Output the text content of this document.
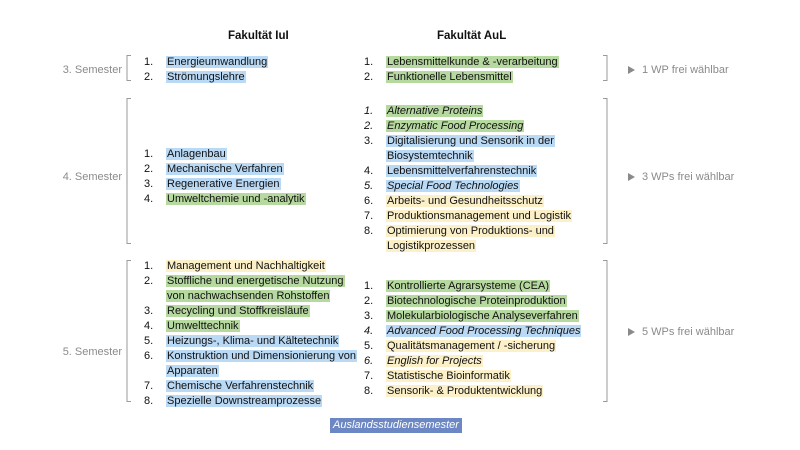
Fakultät IuI	Fakultät AuL
3. Semester
1.	Energieumwandlung
2.	Strömungslehre
1.	Lebensmittelkunde & -verarbeitung
2.	Funktionelle Lebensmittel
1 WP frei wählbar
4. Semester
1.	Anlagenbau
2.	Mechanische Verfahren
3.	Regenerative Energien
4.	Umweltchemie und -analytik
1.	Alternative Proteins
2.	Enzymatic Food Processing
3.	Digitalisierung und Sensorik in der Biosystemtechnik
4.	Lebensmittelverfahrenstechnik
5.	Special Food Technologies
6.	Arbeits- und Gesundheitsschutz
7.	Produktionsmanagement und Logistik
8.	Optimierung von Produktions- und Logistikprozessen
3 WPs frei wählbar
5. Semester
1.	Management und Nachhaltigkeit
2.	Stoffliche und energetische Nutzung von nachwachsenden Rohstoffen
3.	Recycling und Stoffkreisläufe
4.	Umwelttechnik
5.	Heizungs-, Klima- und Kältetechnik
6.	Konstruktion und Dimensionierung von Apparaten
7.	Chemische Verfahrenstechnik
8.	Spezielle Downstreamprozesse
1.	Kontrollierte Agrarsysteme (CEA)
2.	Biotechnologische Proteinproduktion
3.	Molekularbiologische Analyseverfahren
4.	Advanced Food Processing Techniques
5.	Qualitätsmanagement / -sicherung
6.	English for Projects
7.	Statistische Bioinformatik
8.	Sensorik- & Produktentwicklung
5 WPs frei wählbar
Auslandsstudiensemester
